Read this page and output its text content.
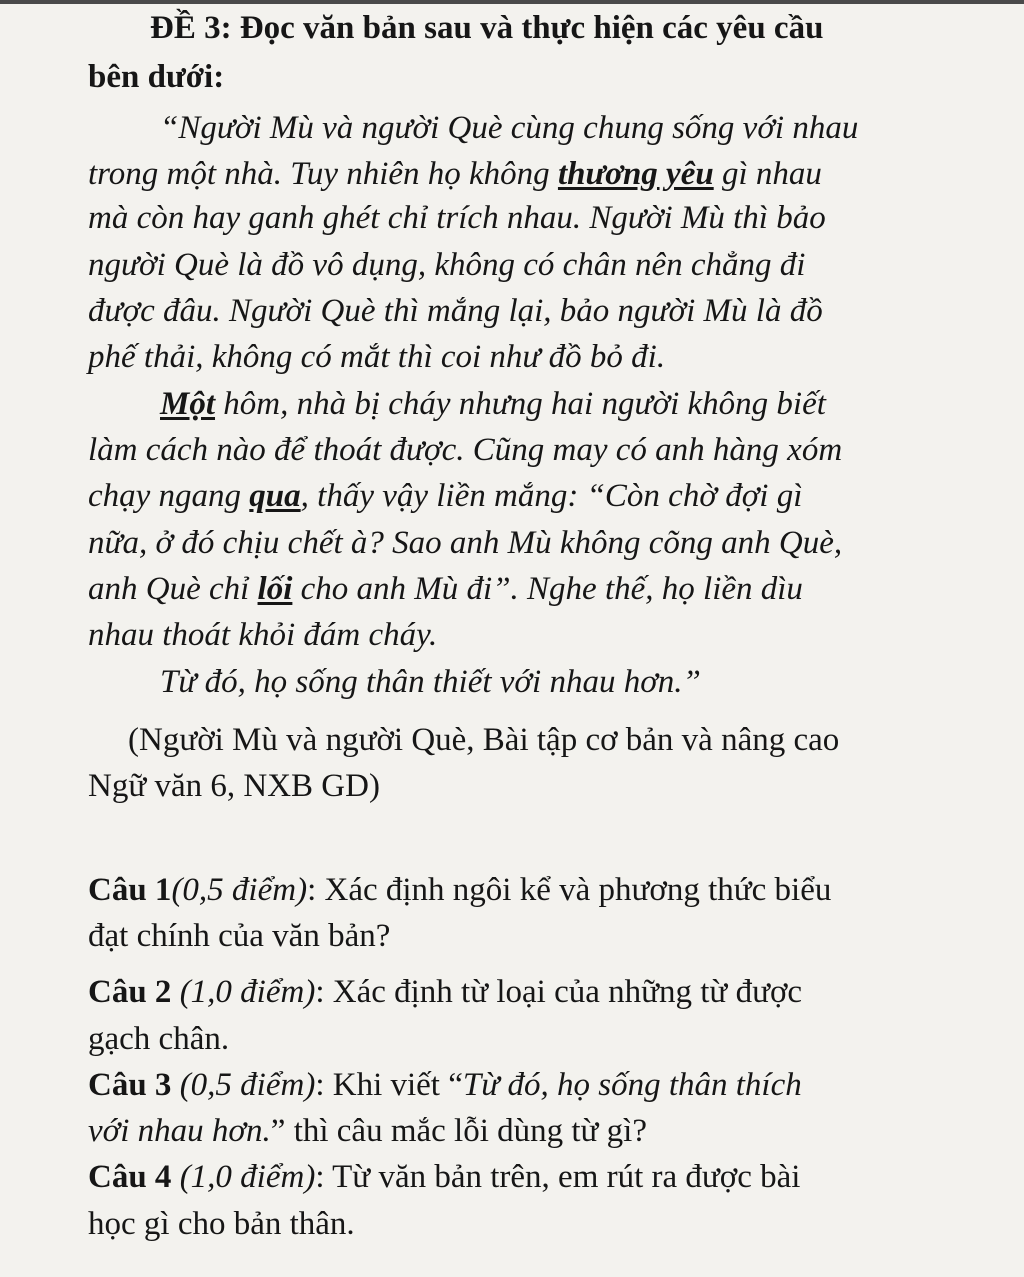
ĐỀ 3: Đọc văn bản sau và thực hiện các yêu cầu
bên dưới:
“Người Mù và người Què cùng chung sống với nhau
trong một nhà. Tuy nhiên họ không thương yêu gì nhau
mà còn hay ganh ghét chỉ trích nhau. Người Mù thì bảo
người Què là đồ vô dụng, không có chân nên chẳng đi
được đâu. Người Què thì mắng lại, bảo người Mù là đồ
phế thải, không có mắt thì coi như đồ bỏ đi.
Một hôm, nhà bị cháy nhưng hai người không biết
làm cách nào để thoát được. Cũng may có anh hàng xóm
chạy ngang qua, thấy vậy liền mắng: “Còn chờ đợi gì
nữa, ở đó chịu chết à? Sao anh Mù không cõng anh Què,
anh Què chỉ lối cho anh Mù đi”. Nghe thế, họ liền dìu
nhau thoát khỏi đám cháy.
Từ đó, họ sống thân thiết với nhau hơn.”
(Người Mù và người Què, Bài tập cơ bản và nâng cao
Ngữ văn 6, NXB GD)
Câu 1(0,5 điểm): Xác định ngôi kể và phương thức biểu
đạt chính của văn bản?
Câu 2 (1,0 điểm): Xác định từ loại của những từ được
gạch chân.
Câu 3 (0,5 điểm): Khi viết “Từ đó, họ sống thân thích
với nhau hơn.” thì câu mắc lỗi dùng từ gì?
Câu 4 (1,0 điểm): Từ văn bản trên, em rút ra được bài
học gì cho bản thân.
